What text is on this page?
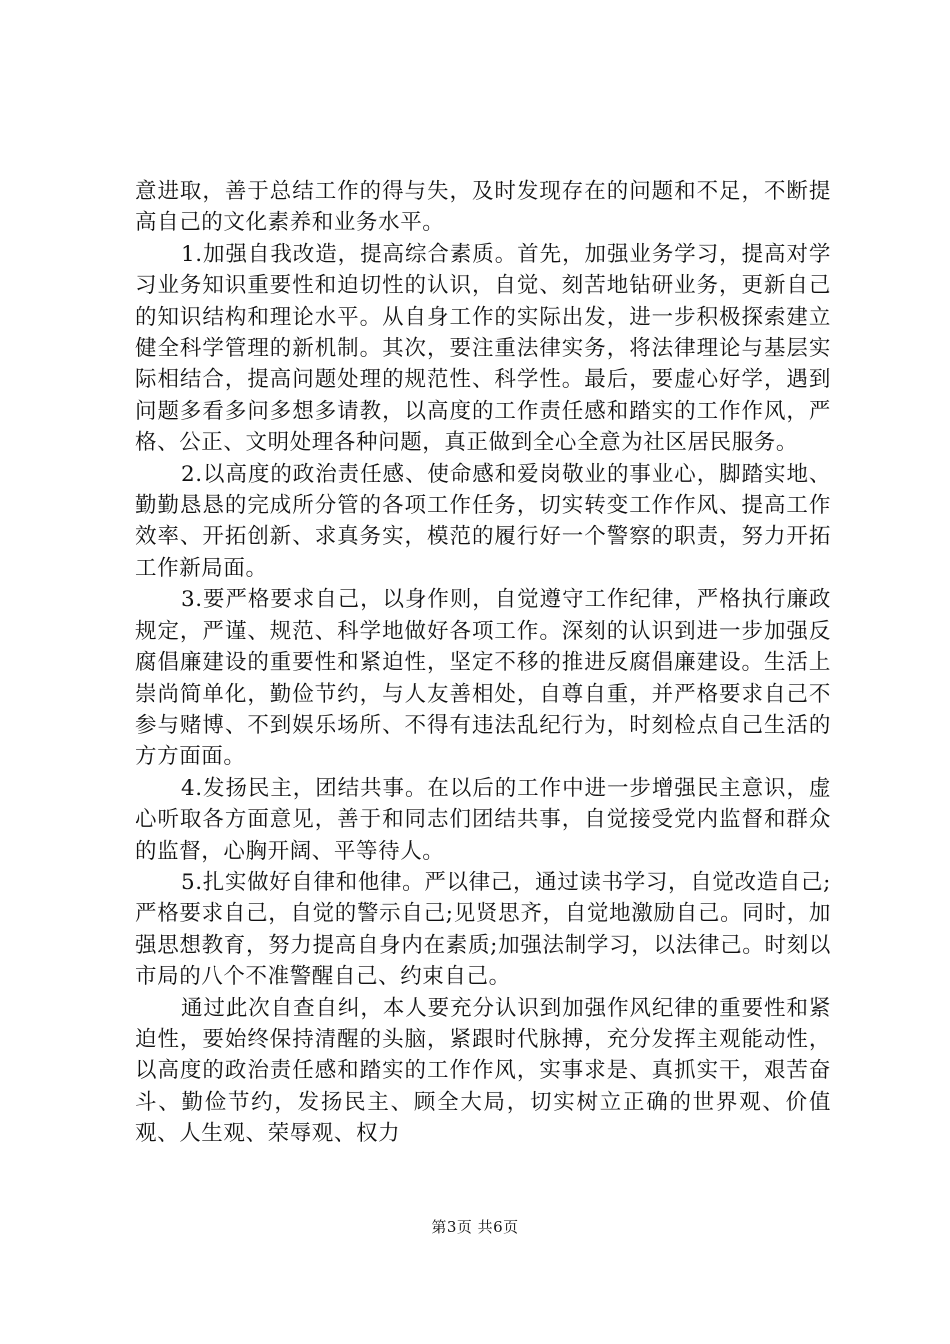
意进取，善于总结工作的得与失，及时发现存在的问题和不足，不断提高自己的文化素养和业务水平。

1.加强自我改造，提高综合素质。首先，加强业务学习，提高对学习业务知识重要性和迫切性的认识，自觉、刻苦地钻研业务，更新自己的知识结构和理论水平。从自身工作的实际出发，进一步积极探索建立健全科学管理的新机制。其次，要注重法律实务，将法律理论与基层实际相结合，提高问题处理的规范性、科学性。最后，要虚心好学，遇到问题多看多问多想多请教，以高度的工作责任感和踏实的工作作风，严格、公正、文明处理各种问题，真正做到全心全意为社区居民服务。

2.以高度的政治责任感、使命感和爱岗敬业的事业心，脚踏实地、勤勤恳恳的完成所分管的各项工作任务，切实转变工作作风、提高工作效率、开拓创新、求真务实，模范的履行好一个警察的职责，努力开拓工作新局面。

3.要严格要求自己，以身作则，自觉遵守工作纪律，严格执行廉政规定，严谨、规范、科学地做好各项工作。深刻的认识到进一步加强反腐倡廉建设的重要性和紧迫性，坚定不移的推进反腐倡廉建设。生活上崇尚简单化，勤俭节约，与人友善相处，自尊自重，并严格要求自己不参与赌博、不到娱乐场所、不得有违法乱纪行为，时刻检点自己生活的方方面面。

4.发扬民主，团结共事。在以后的工作中进一步增强民主意识，虚心听取各方面意见，善于和同志们团结共事，自觉接受党内监督和群众的监督，心胸开阔、平等待人。

5.扎实做好自律和他律。严以律己，通过读书学习，自觉改造自己;严格要求自己，自觉的警示自己;见贤思齐，自觉地激励自己。同时，加强思想教育，努力提高自身内在素质;加强法制学习，以法律己。时刻以市局的八个不准警醒自己、约束自己。

通过此次自查自纠，本人要充分认识到加强作风纪律的重要性和紧迫性，要始终保持清醒的头脑，紧跟时代脉搏，充分发挥主观能动性，以高度的政治责任感和踏实的工作作风，实事求是、真抓实干，艰苦奋斗、勤俭节约，发扬民主、顾全大局，切实树立正确的世界观、价值观、人生观、荣辱观、权力

第3页 共6页
